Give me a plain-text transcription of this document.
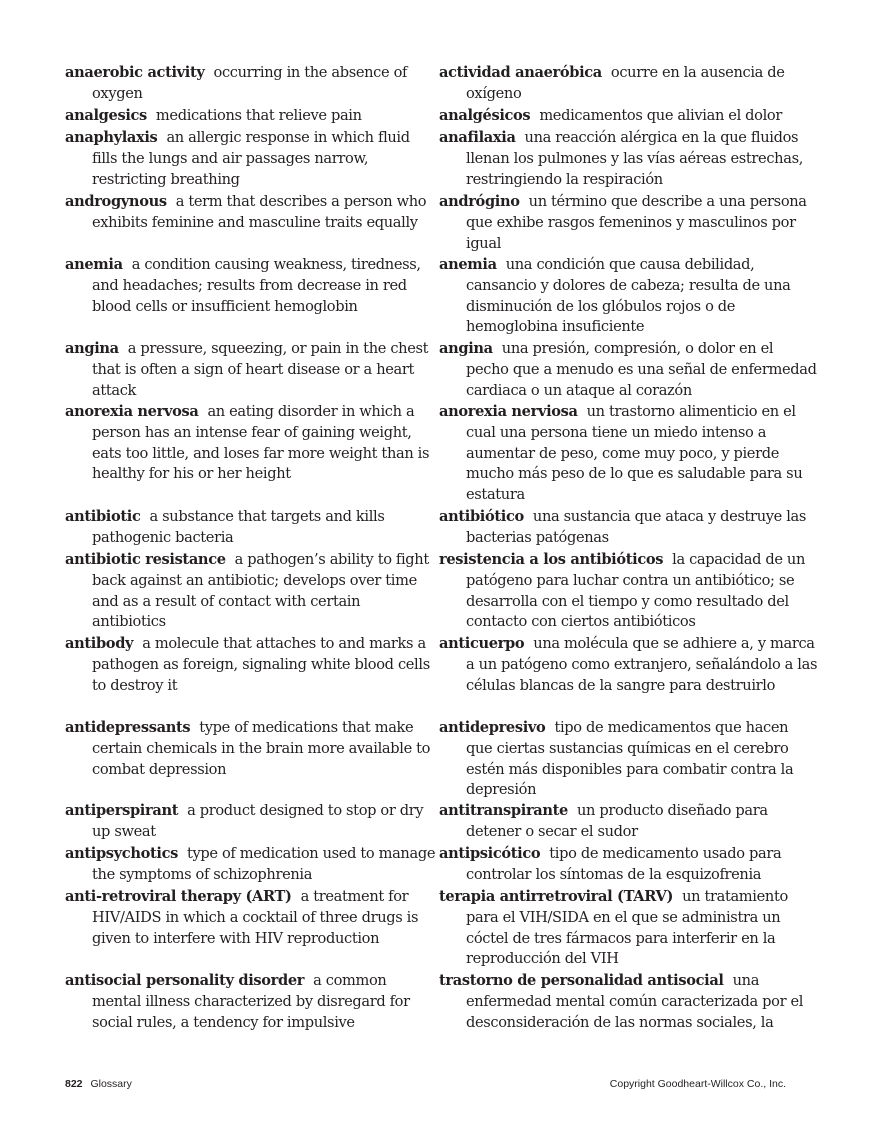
anaerobic activity occurring in the absence of oxygen
actividad anaeróbica ocurre en la ausencia de oxígeno
analgesics medications that relieve pain	analgésicos medicamentos que alivian el dolor
anaphylaxis an allergic response in which fluid fills the lungs and air passages narrow, restricting breathing
anafilaxia una reacción alérgica en la que fluidos llenan los pulmones y las vías aéreas estrechas, restringiendo la respiración
androgynous a term that describes a person who exhibits feminine and masculine traits equally
andrógino un término que describe a una persona que exhibe rasgos femeninos y masculinos por igual
anemia a condition causing weakness, tiredness, and headaches; results from decrease in red blood cells or insufficient hemoglobin
anemia una condición que causa debilidad, cansancio y dolores de cabeza; resulta de una disminución de los glóbulos rojos o de hemoglobina insuficiente
angina a pressure, squeezing, or pain in the chest that is often a sign of heart disease or a heart attack
angina una presión, compresión, o dolor en el pecho que a menudo es una señal de enfermedad cardiaca o un ataque al corazón
anorexia nervosa an eating disorder in which a person has an intense fear of gaining weight, eats too little, and loses far more weight than is healthy for his or her height
anorexia nerviosa un trastorno alimenticio en el cual una persona tiene un miedo intenso a aumentar de peso, come muy poco, y pierde mucho más peso de lo que es saludable para su estatura
antibiotic a substance that targets and kills pathogenic bacteria
antibiótico una sustancia que ataca y destruye las bacterias patógenas
antibiotic resistance a pathogen’s ability to fight back against an antibiotic; develops over time and as a result of contact with certain antibiotics
resistencia a los antibióticos la capacidad de un patógeno para luchar contra un antibiótico; se desarrolla con el tiempo y como resultado del contacto con ciertos antibióticos
antibody a molecule that attaches to and marks a pathogen as foreign, signaling white blood cells to destroy it
anticuerpo una molécula que se adhiere a, y marca a un patógeno como extranjero, señalándolo a las células blancas de la sangre para destruirlo
antidepressants type of medications that make certain chemicals in the brain more available to combat depression
antidepresivo tipo de medicamentos que hacen que ciertas sustancias químicas en el cerebro estén más disponibles para combatir contra la depresión
antiperspirant a product designed to stop or dry up sweat
antitranspirante un producto diseñado para detener o secar el sudor
antipsychotics type of medication used to manage the symptoms of schizophrenia
antipsicótico tipo de medicamento usado para controlar los síntomas de la esquizofrenia
anti-retroviral therapy (ART) a treatment for HIV/AIDS in which a cocktail of three drugs is given to interfere with HIV reproduction
terapia antirretroviral (TARV) un tratamiento para el VIH/SIDA en el que se administra un cóctel de tres fármacos para interferir en la reproducción del VIH
antisocial personality disorder a common mental illness characterized by disregard for social rules, a tendency for impulsive
trastorno de personalidad antisocial una enfermedad mental común caracterizada por el desconsideración de las normas sociales, la
822 Glossary	Copyright Goodheart-Willcox Co., Inc.
